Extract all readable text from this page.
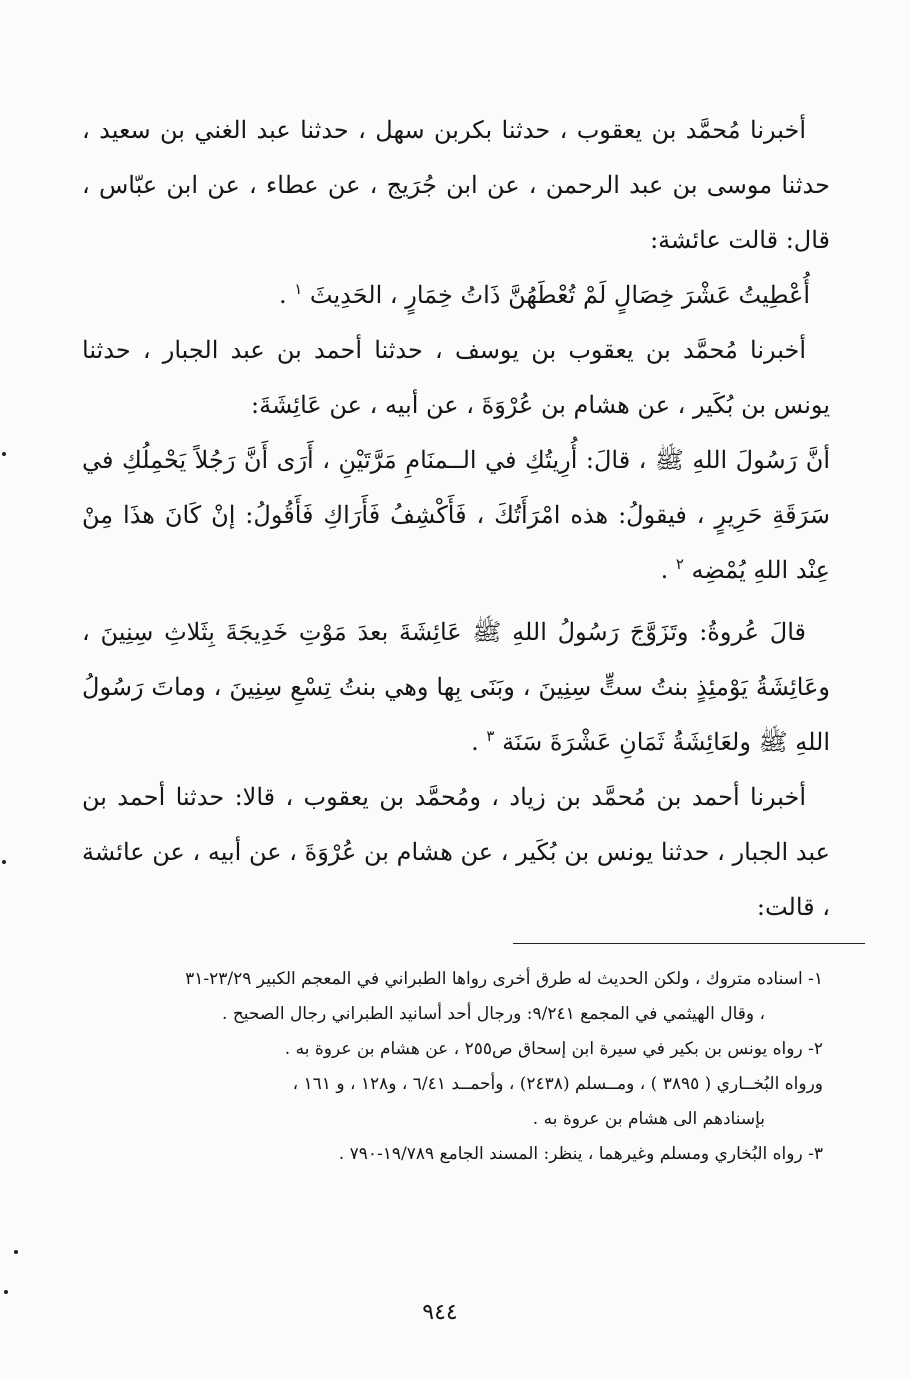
أخبرنا مُحمَّد بن يعقوب ، حدثنا بكربن سهل ، حدثنا عبد الغني بن سعيد ، حدثنا موسى بن عبد الرحمن ، عن ابن جُرَيج ، عن عطاء ، عن ابن عبّاس ، قال: قالت عائشة:

أُعْطِيتُ عَشْرَ خِصَالٍ لَمْ تُعْطَهُنَّ ذَاتُ خِمَارٍ ، الحَدِيثَ $^١$ .

أخبرنا مُحمَّد بن يعقوب بن يوسف ، حدثنا أحمد بن عبد الجبار ، حدثنا يونس بن بُكَير ، عن هشام بن عُرْوَةَ ، عن أبيه ، عن عَائِشَةَ:

أنَّ رَسُولَ اللهِ ﷺ ، قالَ: أُرِيتُكِ في الــمنَامِ مَرَّتَيْنِ ، أَرَى أَنَّ رَجُلاً يَحْمِلُكِ في سَرَقَةِ حَرِيرٍ ، فيقولُ: هذه امْرَأَتُكَ ، فَأَكْشِفُ فَأَرَاكِ فَأَقُولُ: إنْ كَانَ هذَا مِنْ عِنْد اللهِ يُمْضِه $^٢$ .

قالَ عُروةُ: وتَزَوَّجَ رَسُولُ اللهِ ﷺ عَائِشَةَ بعدَ مَوْتِ خَدِيجَةَ بِثَلاثِ سِنِينَ ، وعَائِشَةُ يَوْمئِذٍ بنتُ ستٍّ سِنِينَ ، وبَنَى بِها وهي بنتُ تِسْعِ سِنِينَ ، وماتَ رَسُولُ اللهِ ﷺ ولعَائِشَةُ ثَمَانِ عَشْرَةَ سَنَة $^٣$ .

أخبرنا أحمد بن مُحمَّد بن زياد ، ومُحمَّد بن يعقوب ، قالا: حدثنا أحمد بن عبد الجبار ، حدثنا يونس بن بُكَير ، عن هشام بن عُرْوَةَ ، عن أبيه ، عن عائشة ، قالت:

١- اسناده متروك ، ولكن الحديث له طرق أخرى رواها الطبراني في المعجم الكبير ٢٣/٢٩-٣١

، وقال الهيثمي في المجمع ٩/٢٤١: ورجال أحد أسانيد الطبراني رجال الصحيح .

٢- رواه يونس بن بكير في سيرة ابن إسحاق ص٢٥٥ ، عن هشام بن عروة به .

ورواه البُخــاري ( ٣٨٩٥ ) ، ومــسلم (٢٤٣٨) ، وأحمــد ٦/٤١ ، و١٢٨ ، و ١٦١ ،

بإسنادهم الى هشام بن عروة به .

٣- رواه البُخاري ومسلم وغيرهما ، ينظر: المسند الجامع ١٩/٧٨٩-٧٩٠ .

٩٤٤
